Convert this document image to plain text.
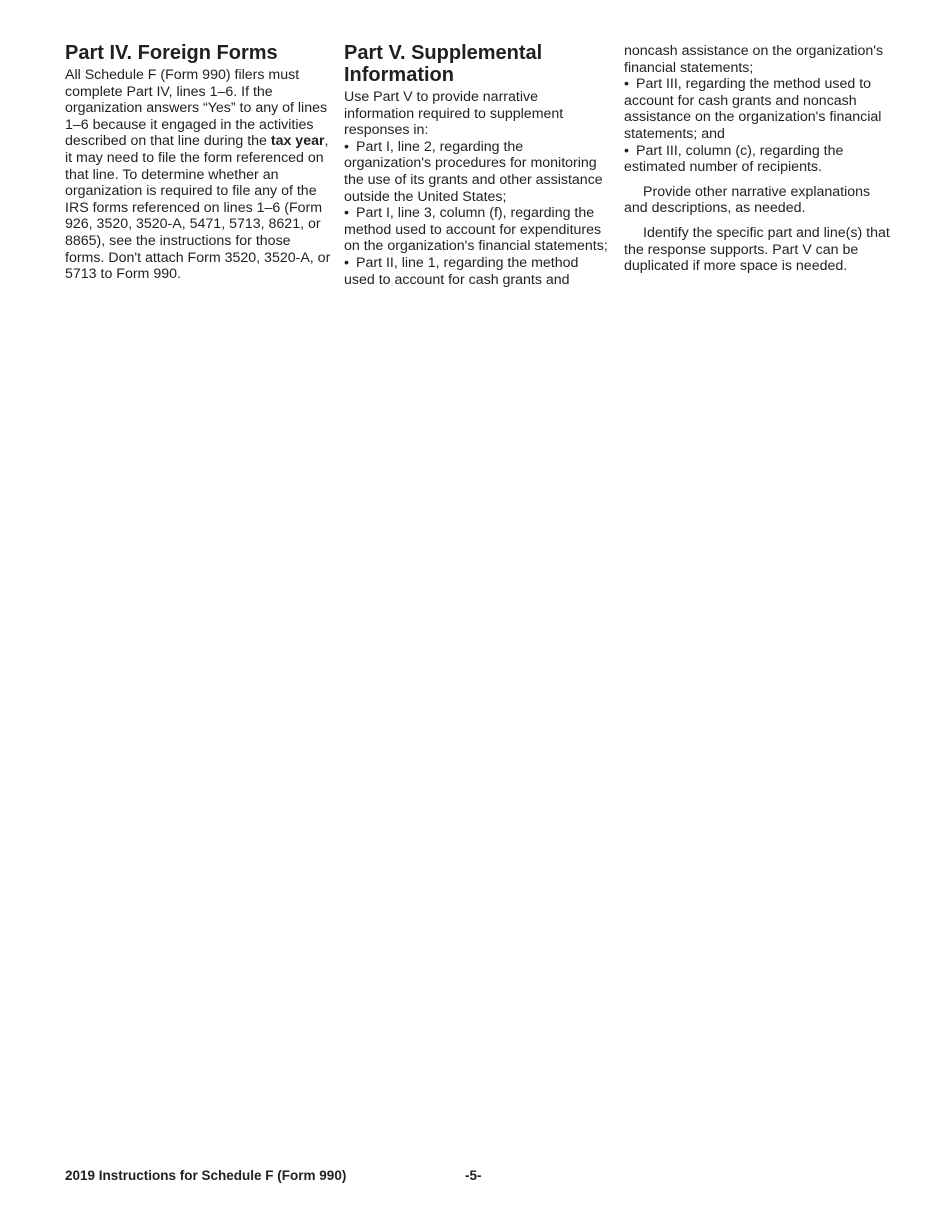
Part IV. Foreign Forms

All Schedule F (Form 990) filers must complete Part IV, lines 1–6. If the organization answers “Yes” to any of lines 1–6 because it engaged in the activities described on that line during the tax year, it may need to file the form referenced on that line. To determine whether an organization is required to file any of the IRS forms referenced on lines 1–6 (Form 926, 3520, 3520-A, 5471, 5713, 8621, or 8865), see the instructions for those forms. Don't attach Form 3520, 3520-A, or 5713 to Form 990.

Part V. Supplemental Information

Use Part V to provide narrative information required to supplement responses in:

• Part I, line 2, regarding the organization's procedures for monitoring the use of its grants and other assistance outside the United States;

• Part I, line 3, column (f), regarding the method used to account for expenditures on the organization's financial statements;

• Part II, line 1, regarding the method used to account for cash grants and

noncash assistance on the organization's financial statements;

• Part III, regarding the method used to account for cash grants and noncash assistance on the organization's financial statements; and

• Part III, column (c), regarding the estimated number of recipients.

Provide other narrative explanations and descriptions, as needed.

Identify the specific part and line(s) that the response supports. Part V can be duplicated if more space is needed.

2019 Instructions for Schedule F (Form 990)	-5-
